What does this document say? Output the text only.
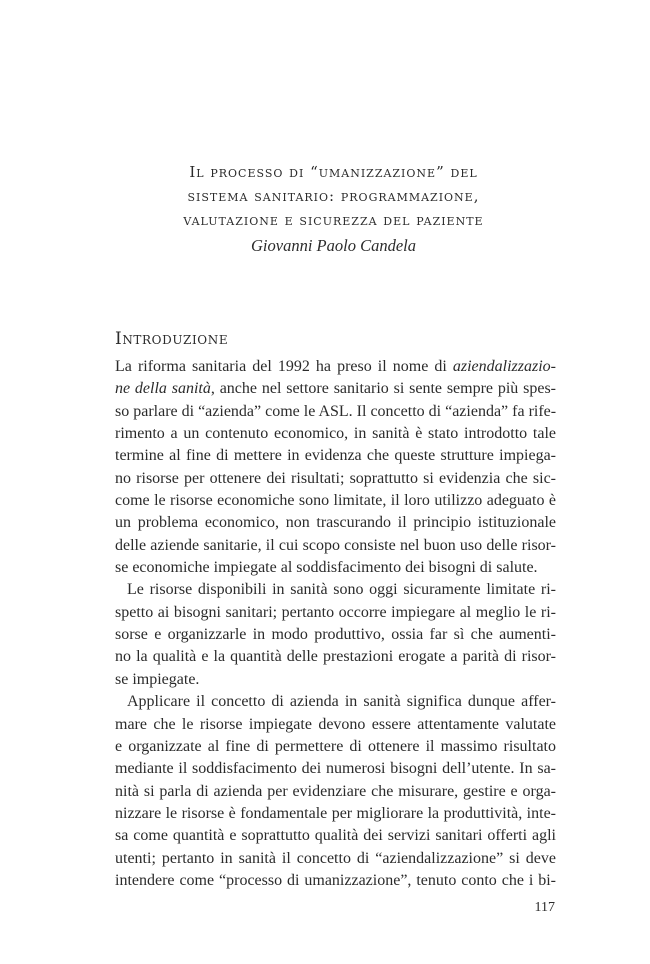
Il processo di “umanizzazione” del
sistema sanitario: programmazione,
valutazione e sicurezza del paziente
Giovanni Paolo Candela
Introduzione
La riforma sanitaria del 1992 ha preso il nome di aziendalizzazio-
ne della sanità, anche nel settore sanitario si sente sempre più spes-
so parlare di “azienda” come le ASL. Il concetto di “azienda” fa rife-
rimento a un contenuto economico, in sanità è stato introdotto tale
termine al fine di mettere in evidenza che queste strutture impiega-
no risorse per ottenere dei risultati; soprattutto si evidenzia che sic-
come le risorse economiche sono limitate, il loro utilizzo adeguato è
un problema economico, non trascurando il principio istituzionale
delle aziende sanitarie, il cui scopo consiste nel buon uso delle risor-
se economiche impiegate al soddisfacimento dei bisogni di salute.
Le risorse disponibili in sanità sono oggi sicuramente limitate ri-
spetto ai bisogni sanitari; pertanto occorre impiegare al meglio le ri-
sorse e organizzarle in modo produttivo, ossia far sì che aumenti-
no la qualità e la quantità delle prestazioni erogate a parità di risor-
se impiegate.
Applicare il concetto di azienda in sanità significa dunque affer-
mare che le risorse impiegate devono essere attentamente valutate
e organizzate al fine di permettere di ottenere il massimo risultato
mediante il soddisfacimento dei numerosi bisogni dell’utente. In sa-
nità si parla di azienda per evidenziare che misurare, gestire e orga-
nizzare le risorse è fondamentale per migliorare la produttività, inte-
sa come quantità e soprattutto qualità dei servizi sanitari offerti agli
utenti; pertanto in sanità il concetto di “aziendalizzazione” si deve
intendere come “processo di umanizzazione”, tenuto conto che i bi-
117
